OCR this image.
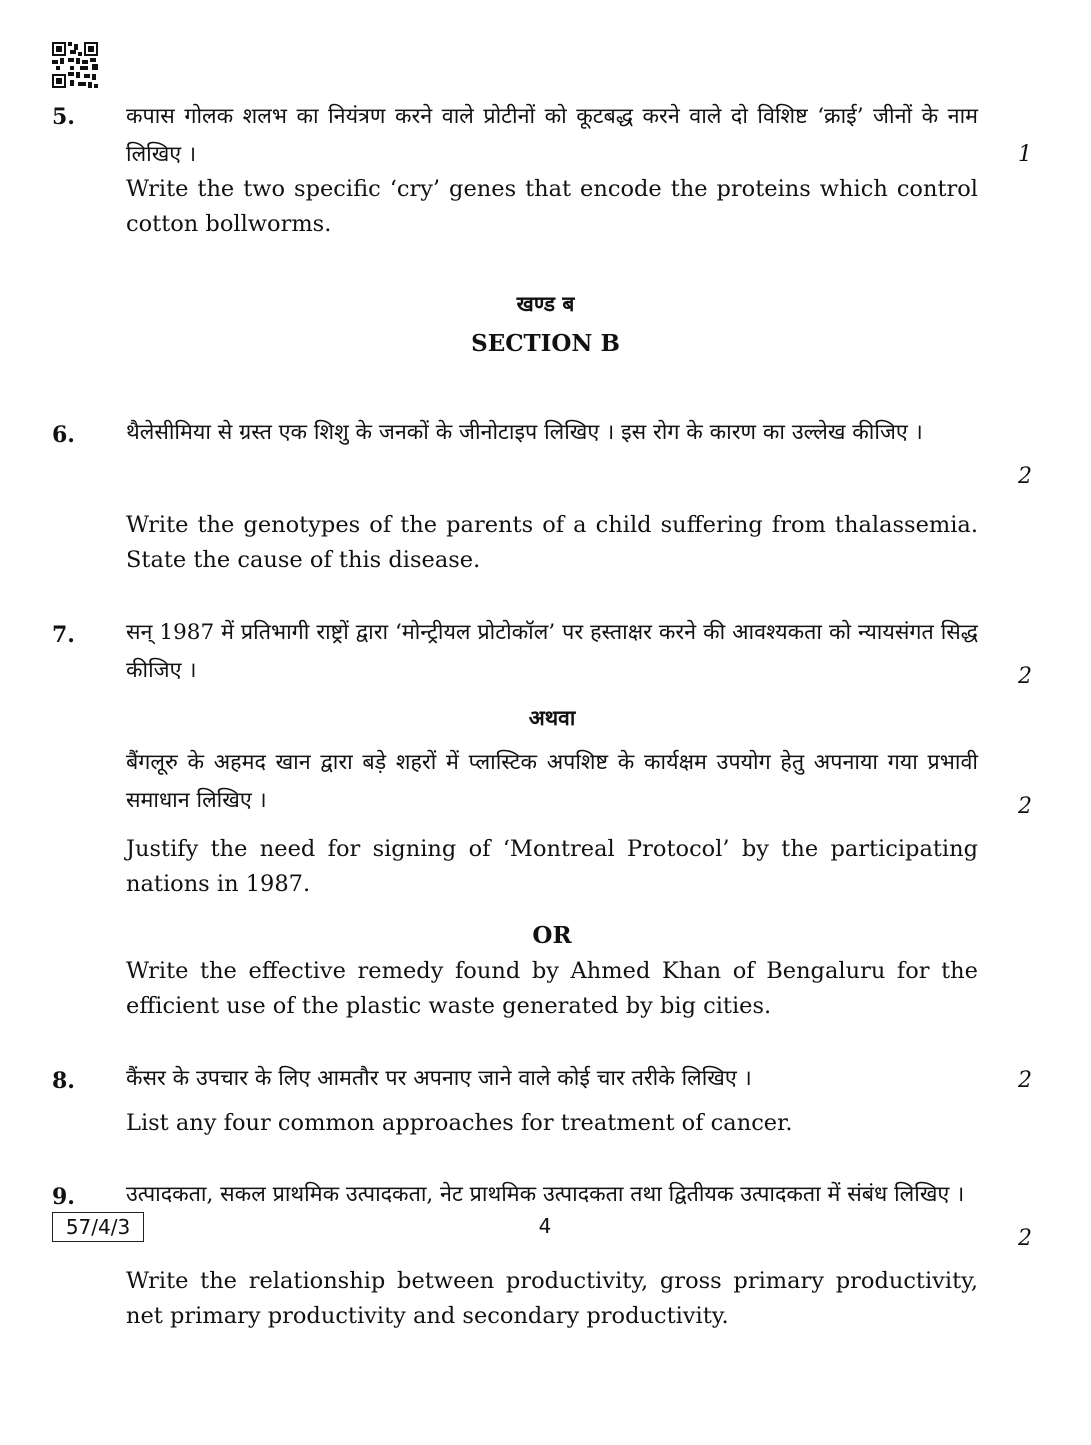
5. कपास गोलक शलभ का नियंत्रण करने वाले प्रोटीनों को कूटबद्ध करने वाले दो विशिष्ट ‘क्राई’ जीनों के नाम लिखिए ।	1
Write the two specific ‘cry’ genes that encode the proteins which control cotton bollworms.
खण्ड ब
SECTION B
6. थैलेसीमिया से ग्रस्त एक शिशु के जनकों के जीनोटाइप लिखिए । इस रोग के कारण का उल्लेख कीजिए ।
2
Write the genotypes of the parents of a child suffering from thalassemia. State the cause of this disease.
7. सन् 1987 में प्रतिभागी राष्ट्रों द्वारा ‘मोन्ट्रीयल प्रोटोकॉल’ पर हस्ताक्षर करने की आवश्यकता को न्यायसंगत सिद्ध कीजिए ।	2
अथवा
बैंगलूरु के अहमद खान द्वारा बड़े शहरों में प्लास्टिक अपशिष्ट के कार्यक्षम उपयोग हेतु अपनाया गया प्रभावी समाधान लिखिए ।	2
Justify the need for signing of ‘Montreal Protocol’ by the participating nations in 1987.
OR
Write the effective remedy found by Ahmed Khan of Bengaluru for the efficient use of the plastic waste generated by big cities.
8. कैंसर के उपचार के लिए आमतौर पर अपनाए जाने वाले कोई चार तरीके लिखिए ।	2
List any four common approaches for treatment of cancer.
9. उत्पादकता, सकल प्राथमिक उत्पादकता, नेट प्राथमिक उत्पादकता तथा द्वितीयक उत्पादकता में संबंध लिखिए ।
2
Write the relationship between productivity, gross primary productivity, net primary productivity and secondary productivity.
57/4/3	4
